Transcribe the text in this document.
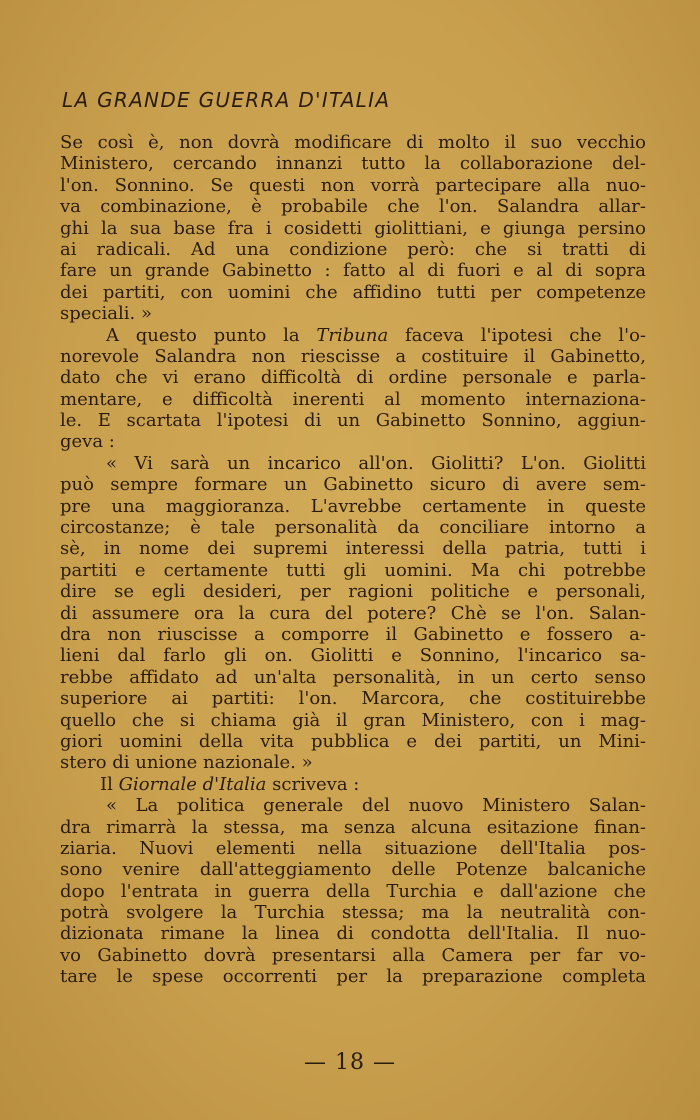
LA GRANDE GUERRA D'ITALIA
Se così è, non dovrà modificare di molto il suo vecchio
Ministero, cercando innanzi tutto la collaborazione del-
l'on. Sonnino. Se questi non vorrà partecipare alla nuo-
va combinazione, è probabile che l'on. Salandra allar-
ghi la sua base fra i cosidetti giolittiani, e giunga persino
ai radicali. Ad una condizione però: che si tratti di
fare un grande Gabinetto : fatto al di fuori e al di sopra
dei partiti, con uomini che affidino tutti per competenze
speciali. »
A questo punto la Tribuna faceva l'ipotesi che l'o-
norevole Salandra non riescisse a costituire il Gabinetto,
dato che vi erano difficoltà di ordine personale e parla-
mentare, e difficoltà inerenti al momento internaziona-
le. E scartata l'ipotesi di un Gabinetto Sonnino, aggiun-
geva :
« Vi sarà un incarico all'on. Giolitti? L'on. Giolitti
può sempre formare un Gabinetto sicuro di avere sem-
pre una maggioranza. L'avrebbe certamente in queste
circostanze; è tale personalità da conciliare intorno a
sè, in nome dei supremi interessi della patria, tutti i
partiti e certamente tutti gli uomini. Ma chi potrebbe
dire se egli desideri, per ragioni politiche e personali,
di assumere ora la cura del potere? Chè se l'on. Salan-
dra non riuscisse a comporre il Gabinetto e fossero a-
lieni dal farlo gli on. Giolitti e Sonnino, l'incarico sa-
rebbe affidato ad un'alta personalità, in un certo senso
superiore ai partiti: l'on. Marcora, che costituirebbe
quello che si chiama già il gran Ministero, con i mag-
giori uomini della vita pubblica e dei partiti, un Mini-
stero di unione nazionale. »
Il Giornale d'Italia scriveva :
« La politica generale del nuovo Ministero Salan-
dra rimarrà la stessa, ma senza alcuna esitazione finan-
ziaria. Nuovi elementi nella situazione dell'Italia pos-
sono venire dall'atteggiamento delle Potenze balcaniche
dopo l'entrata in guerra della Turchia e dall'azione che
potrà svolgere la Turchia stessa; ma la neutralità con-
dizionata rimane la linea di condotta dell'Italia. Il nuo-
vo Gabinetto dovrà presentarsi alla Camera per far vo-
tare le spese occorrenti per la preparazione completa
— 18 —
